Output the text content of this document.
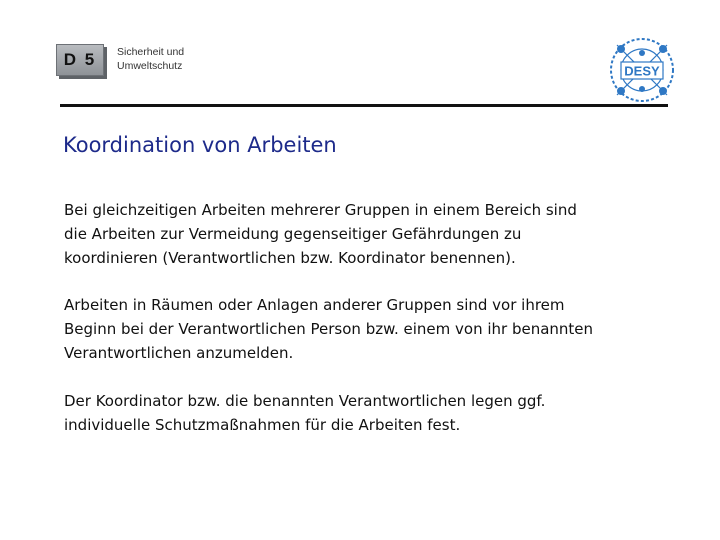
D 5	Sicherheit und
Umweltschutz	DESY
Koordination von Arbeiten
Bei gleichzeitigen Arbeiten mehrerer Gruppen in einem Bereich sind
die Arbeiten zur Vermeidung gegenseitiger Gefährdungen zu
koordinieren (Verantwortlichen bzw. Koordinator benennen).
Arbeiten in Räumen oder Anlagen anderer Gruppen sind vor ihrem
Beginn bei der Verantwortlichen Person bzw. einem von ihr benannten
Verantwortlichen anzumelden.
Der Koordinator bzw. die benannten Verantwortlichen legen ggf.
individuelle Schutzmaßnahmen für die Arbeiten fest.
